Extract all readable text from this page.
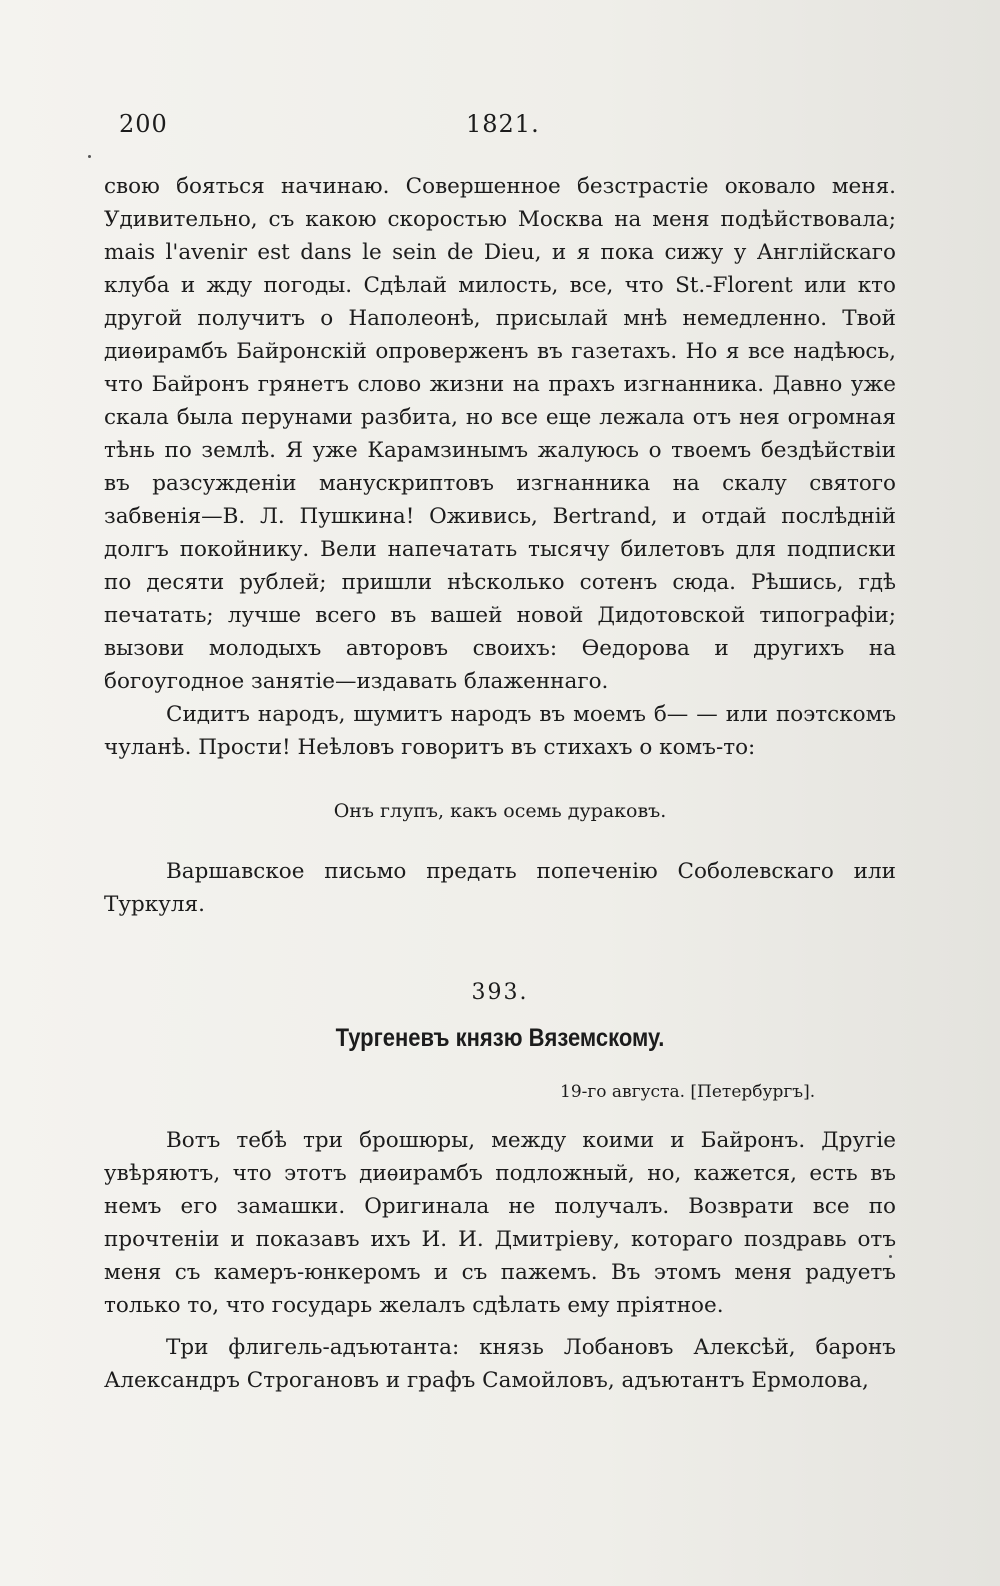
200	1821.

свою бояться начинаю. Совершенное безстрастіе оковало меня. Удивительно, съ какою скоростью Москва на меня подѣйствовала; mais l'avenir est dans le sein de Dieu, и я пока сижу у Англійскаго клуба и жду погоды. Сдѣлай милость, все, что St.-Florent или кто другой получитъ о Наполеонѣ, присылай мнѣ немедленно. Твой диѳирамбъ Байронскій опроверженъ въ газетахъ. Но я все надѣюсь, что Байронъ грянетъ слово жизни на прахъ изгнанника. Давно уже скала была перунами разбита, но все еще лежала отъ нея огромная тѣнь по землѣ. Я уже Карамзинымъ жалуюсь о твоемъ бездѣйствіи въ разсужденіи манускриптовъ изгнанника на скалу святого забвенія—В. Л. Пушкина! Оживись, Bertrand, и отдай послѣдній долгъ покойнику. Вели напечатать тысячу билетовъ для подписки по десяти рублей; пришли нѣсколько сотенъ сюда. Рѣшись, гдѣ печатать; лучше всего въ вашей новой Дидотовской типографіи; вызови молодыхъ авторовъ своихъ: Ѳедорова и другихъ на богоугодное занятіе—издавать блаженнаго.

Сидитъ народъ, шумитъ народъ въ моемъ б— — или поэтскомъ чуланѣ. Прости! Неѣловъ говоритъ въ стихахъ о комъ-то:

Онъ глупъ, какъ осемь дураковъ.

Варшавское письмо предать попеченію Соболевскаго или Туркуля.

393.
Тургеневъ князю Вяземскому.
19-го августа. [Петербургъ].

Вотъ тебѣ три брошюры, между коими и Байронъ. Другіе увѣряютъ, что этотъ диѳирамбъ подложный, но, кажется, есть въ немъ его замашки. Оригинала не получалъ. Возврати все по прочтеніи и показавъ ихъ И. И. Дмитріеву, котораго поздравь отъ меня съ камеръ-юнкеромъ и съ пажемъ. Въ этомъ меня радуетъ только то, что государь желалъ сдѣлать ему пріятное.

Три флигель-адъютанта: князь Лобановъ Алексѣй, баронъ Александръ Строгановъ и графъ Самойловъ, адъютантъ Ермолова,
